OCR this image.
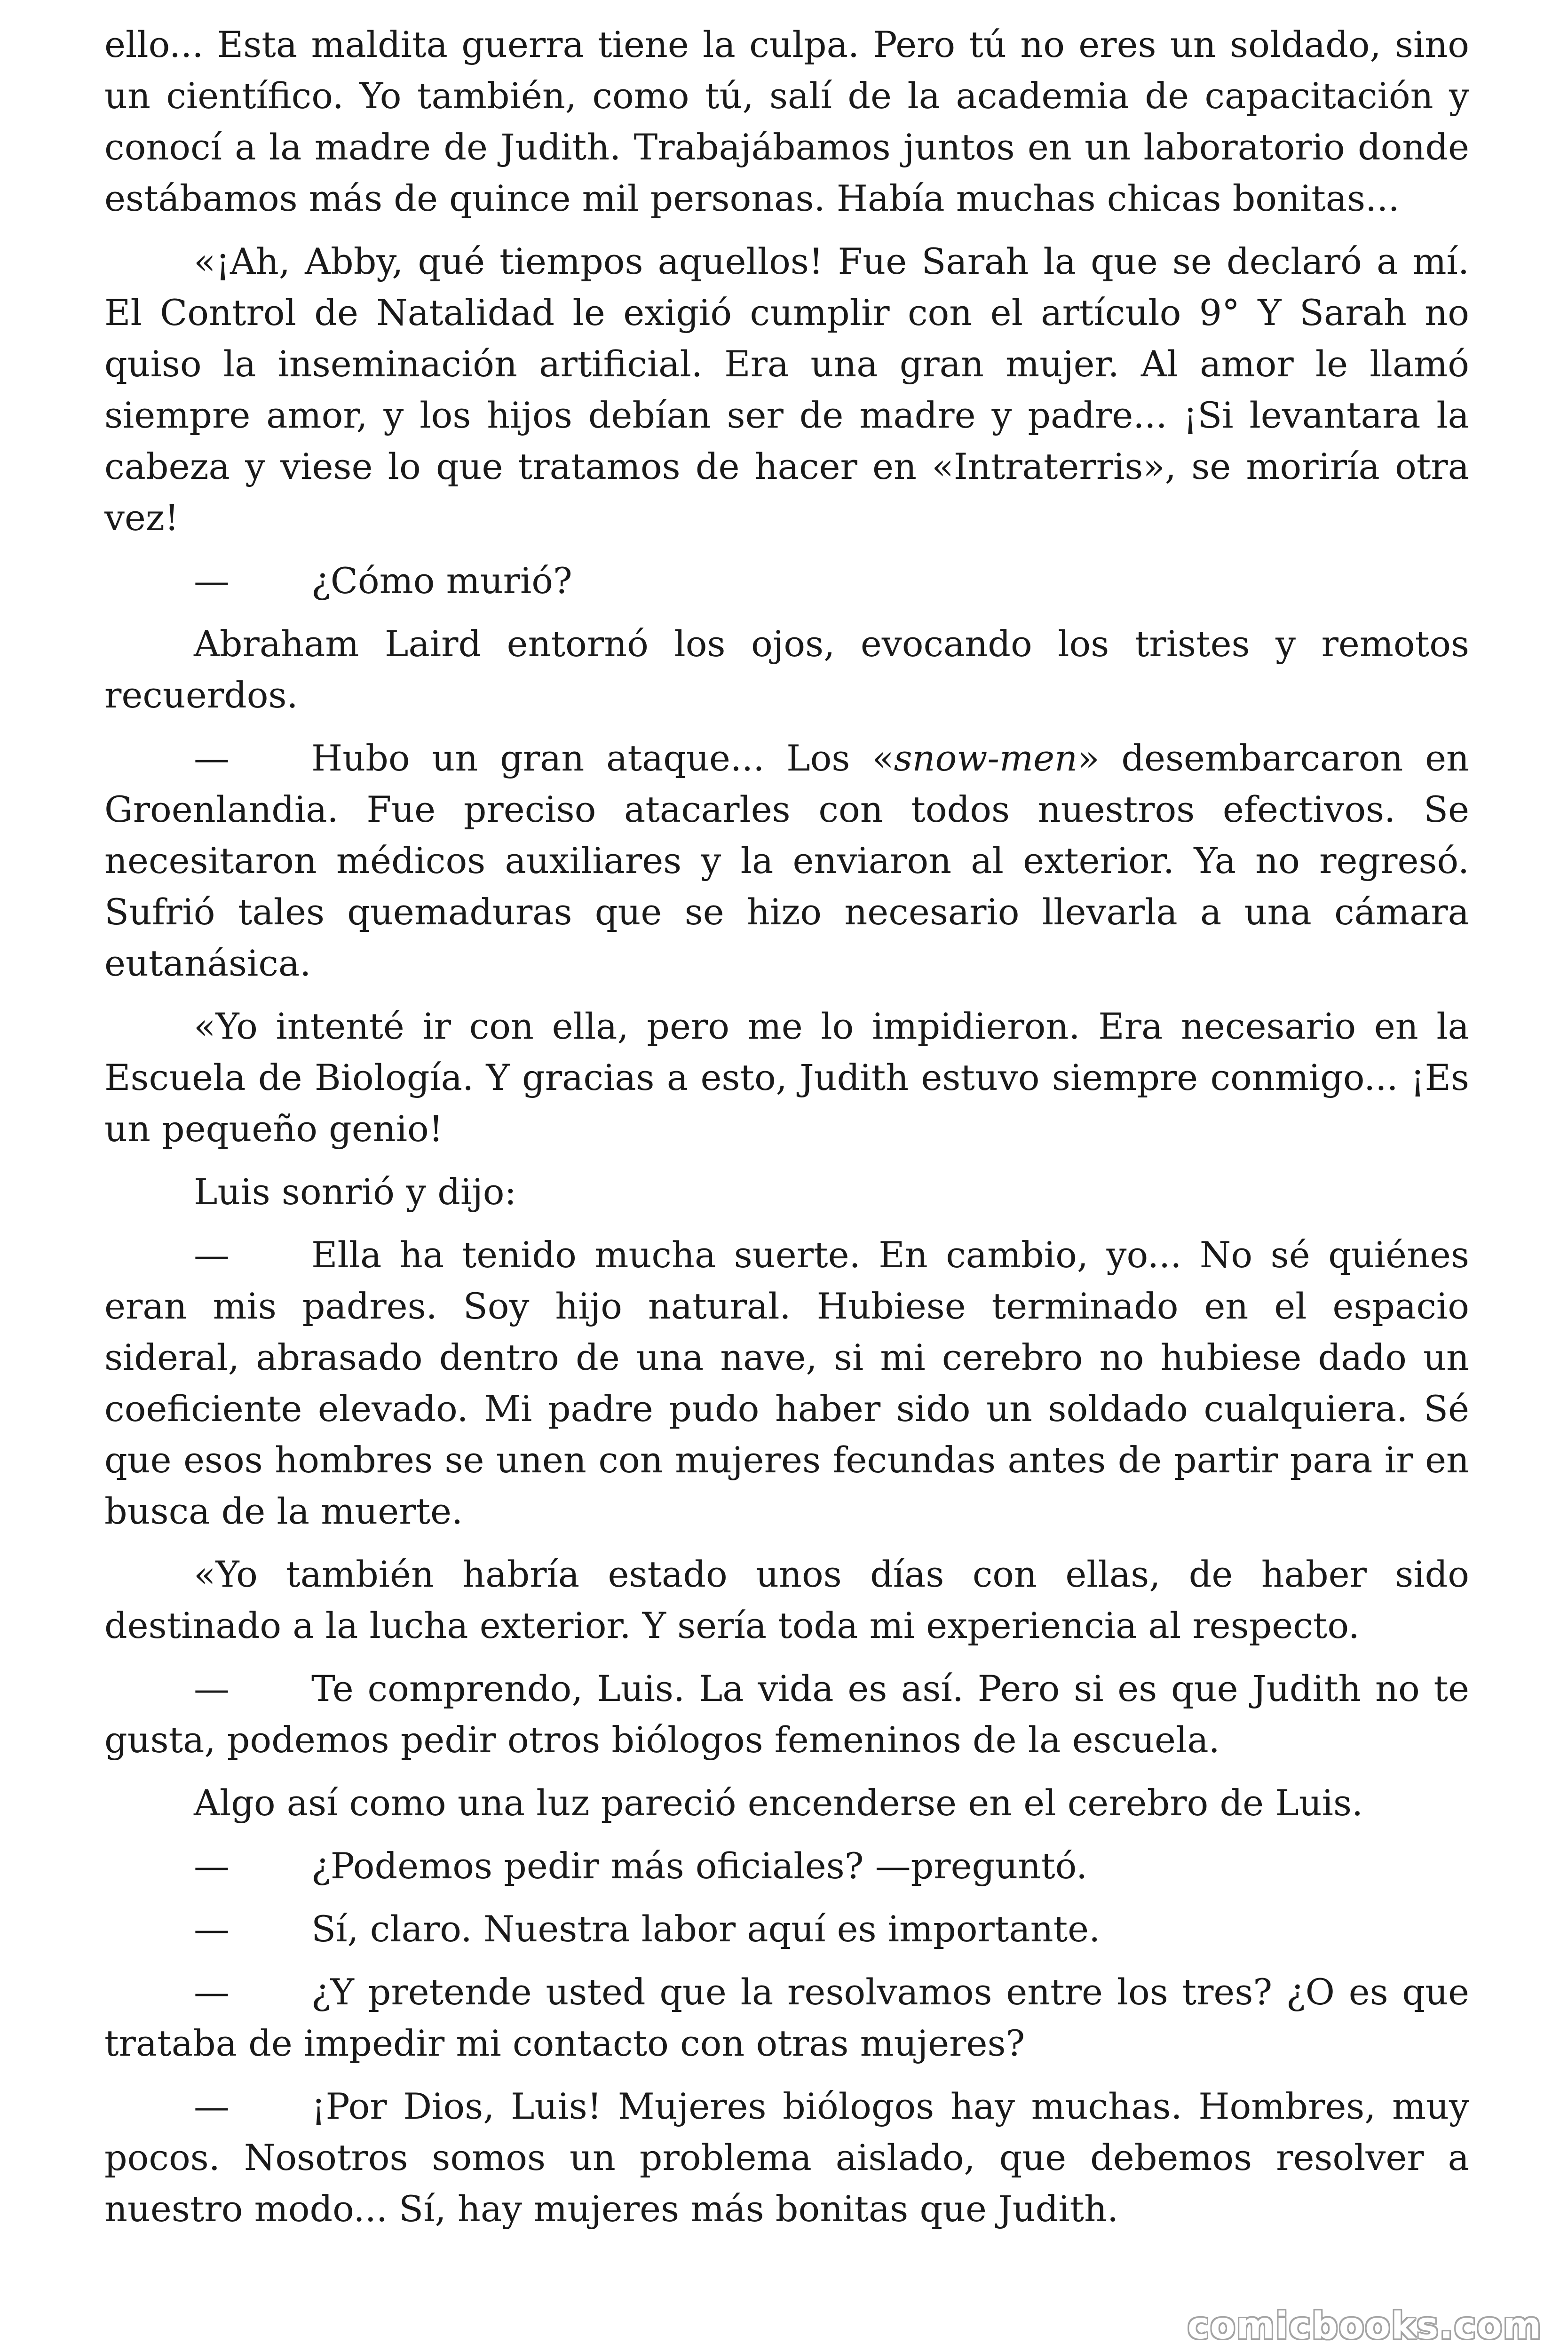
ello... Esta maldita guerra tiene la culpa. Pero tú no eres un soldado, sino un científico. Yo también, como tú, salí de la academia de capacitación y conocí a la madre de Judith. Trabajábamos juntos en un laboratorio donde estábamos más de quince mil personas. Había muchas chicas bonitas...

«¡Ah, Abby, qué tiempos aquellos! Fue Sarah la que se declaró a mí. El Control de Natalidad le exigió cumplir con el artículo 9° Y Sarah no quiso la inseminación artificial. Era una gran mujer. Al amor le llamó siempre amor, y los hijos debían ser de madre y padre... ¡Si levantara la cabeza y viese lo que tratamos de hacer en «Intraterris», se moriría otra vez!

— ¿Cómo murió?

Abraham Laird entornó los ojos, evocando los tristes y remotos recuerdos.

— Hubo un gran ataque... Los «snow-men» desembarcaron en Groenlandia. Fue preciso atacarles con todos nuestros efectivos. Se necesitaron médicos auxiliares y la enviaron al exterior. Ya no regresó. Sufrió tales quemaduras que se hizo necesario llevarla a una cámara eutanásica.

«Yo intenté ir con ella, pero me lo impidieron. Era necesario en la Escuela de Biología. Y gracias a esto, Judith estuvo siempre conmigo... ¡Es un pequeño genio!

Luis sonrió y dijo:

— Ella ha tenido mucha suerte. En cambio, yo... No sé quiénes eran mis padres. Soy hijo natural. Hubiese terminado en el espacio sideral, abrasado dentro de una nave, si mi cerebro no hubiese dado un coeficiente elevado. Mi padre pudo haber sido un soldado cualquiera. Sé que esos hombres se unen con mujeres fecundas antes de partir para ir en busca de la muerte.

«Yo también habría estado unos días con ellas, de haber sido destinado a la lucha exterior. Y sería toda mi experiencia al respecto.

— Te comprendo, Luis. La vida es así. Pero si es que Judith no te gusta, podemos pedir otros biólogos femeninos de la escuela.

Algo así como una luz pareció encenderse en el cerebro de Luis.

— ¿Podemos pedir más oficiales? —preguntó.

— Sí, claro. Nuestra labor aquí es importante.

— ¿Y pretende usted que la resolvamos entre los tres? ¿O es que trataba de impedir mi contacto con otras mujeres?

— ¡Por Dios, Luis! Mujeres biólogos hay muchas. Hombres, muy pocos. Nosotros somos un problema aislado, que debemos resolver a nuestro modo... Sí, hay mujeres más bonitas que Judith.

comicbooks.com
